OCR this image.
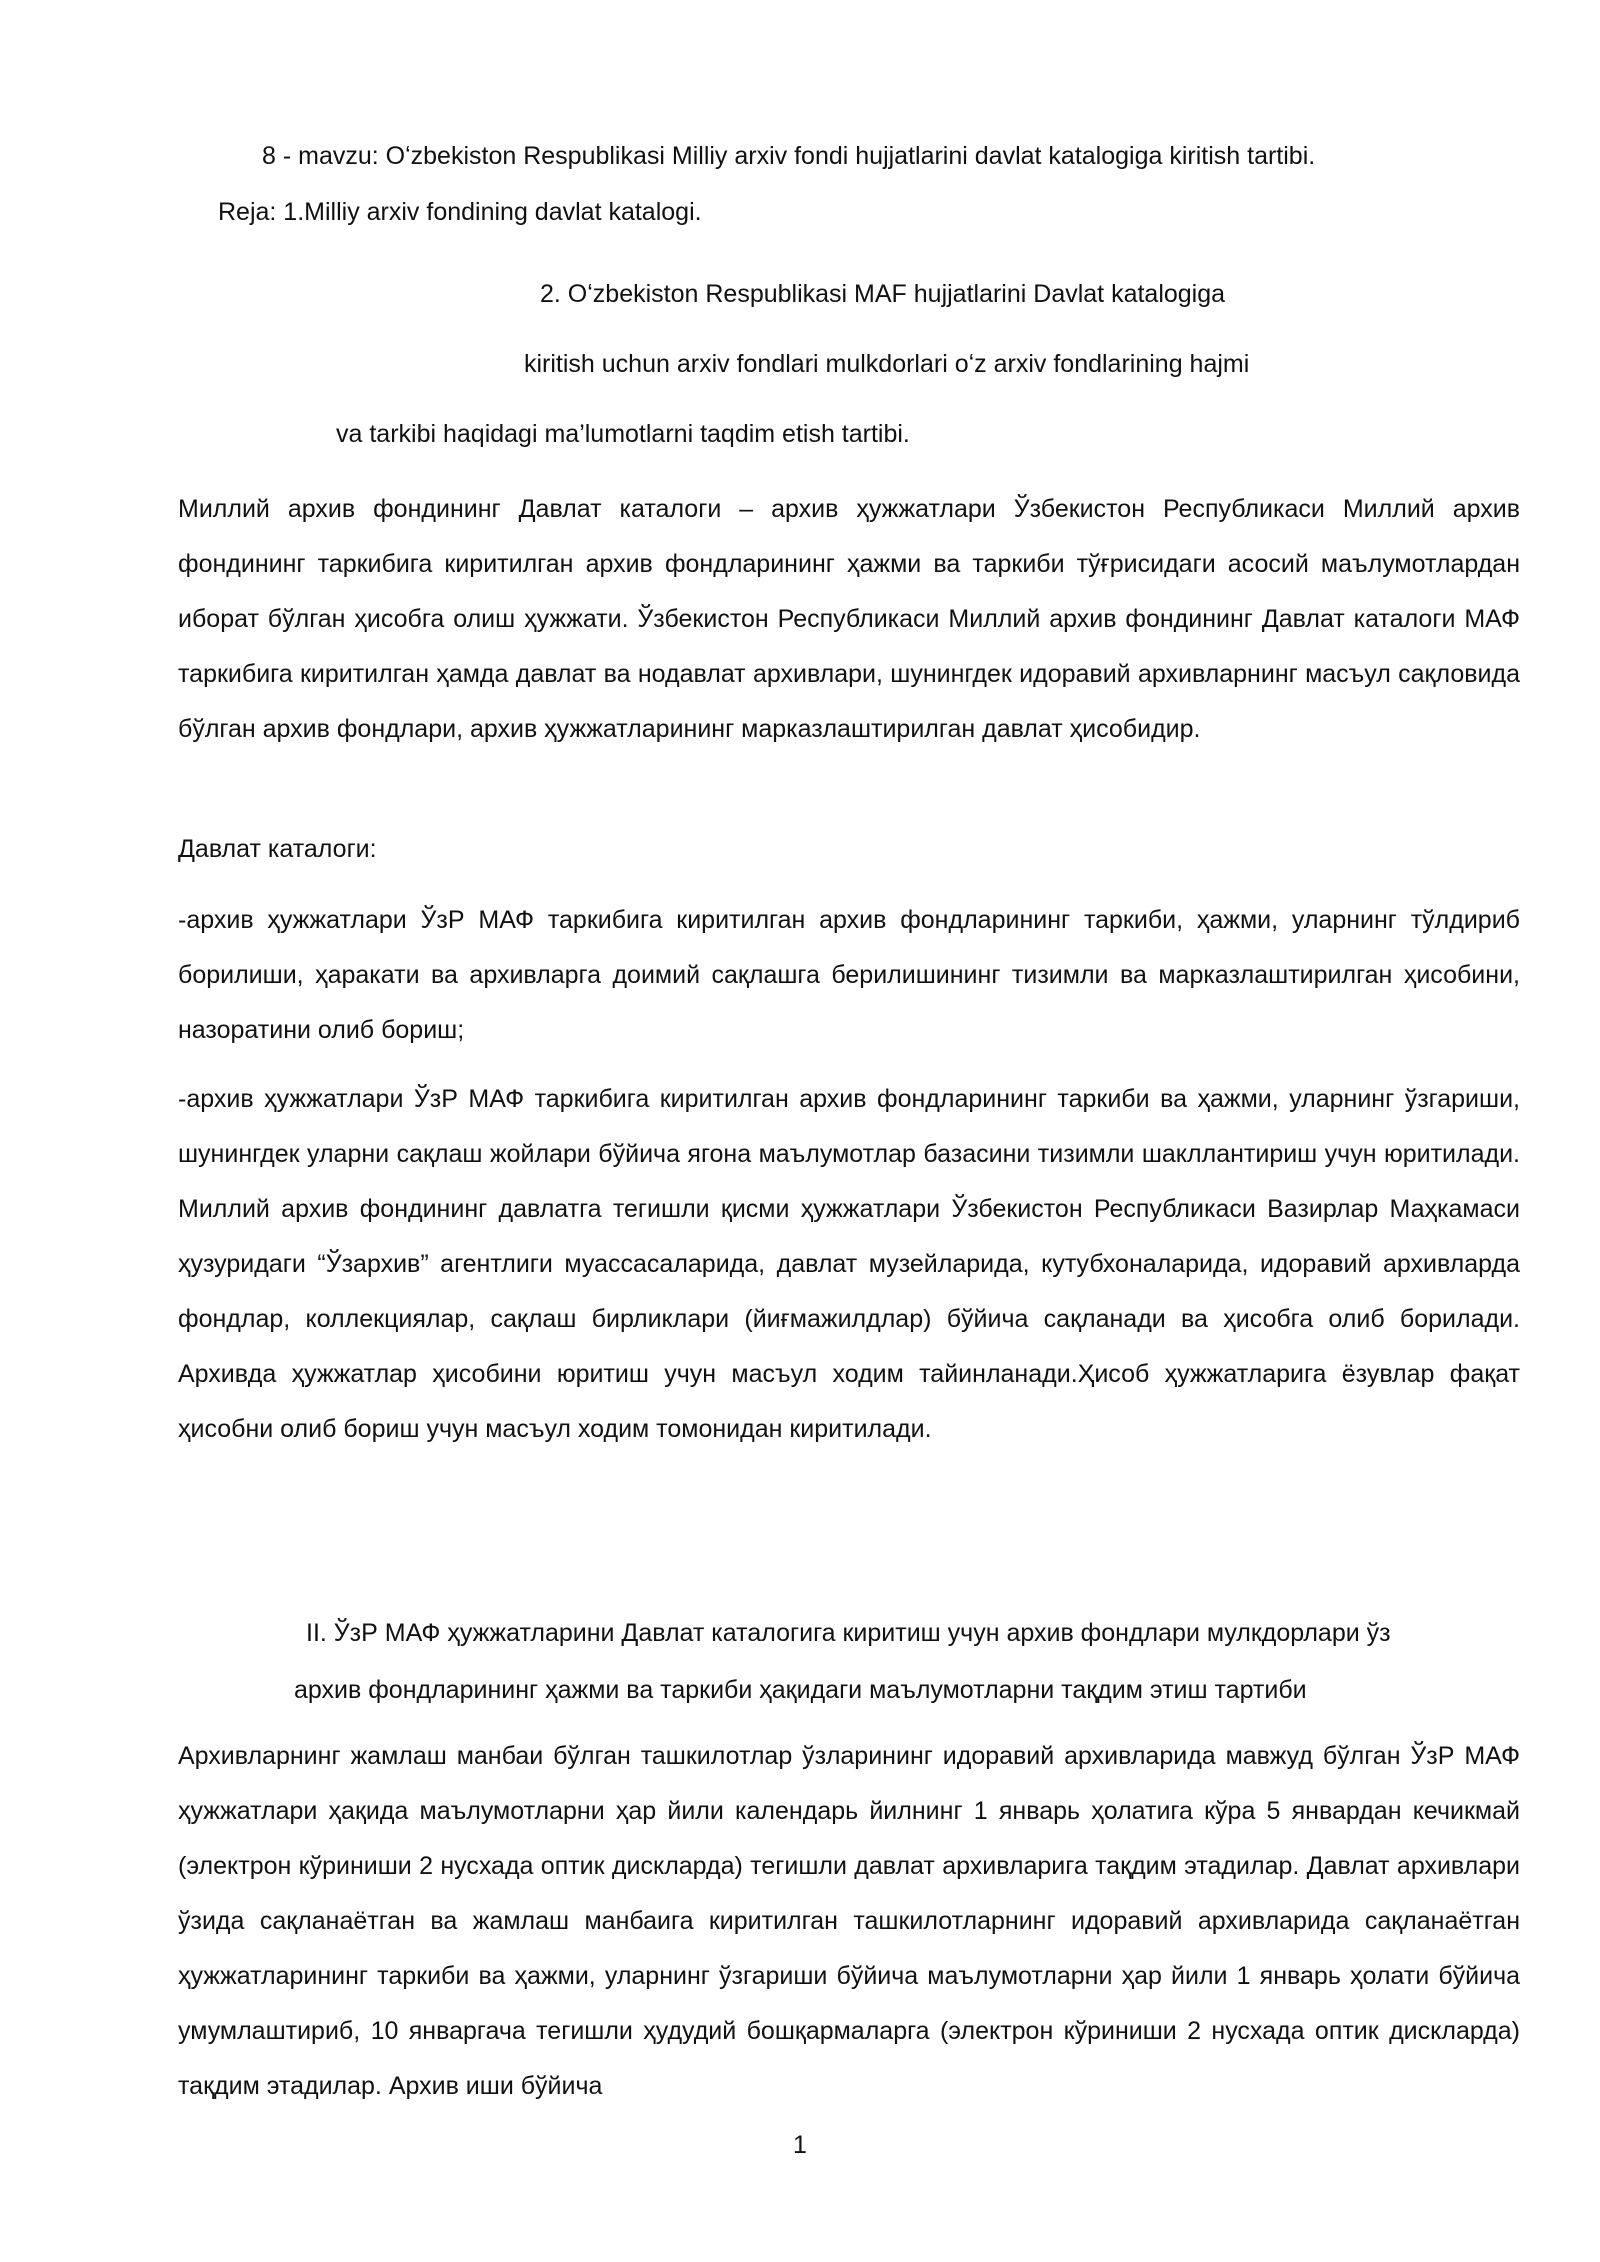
8 - mavzu: Oʻzbekiston Respublikasi Milliy arxiv fondi hujjatlarini davlat katalogiga kiritish tartibi.
Reja: 1.Milliy arxiv fondining davlat katalogi.
2. Oʻzbekiston Respublikasi MAF hujjatlarini Davlat katalogiga
kiritish uchun arxiv fondlari mulkdorlari oʻz arxiv fondlarining hajmi
va tarkibi haqidagi ma’lumotlarni taqdim etish tartibi.

Миллий архив фондининг Давлат каталоги – архив ҳужжатлари Ўзбекистон Республикаси Миллий архив фондининг таркибига киритилган архив фондларининг ҳажми ва таркиби тўғрисидаги асосий маълумотлардан иборат бўлган ҳисобга олиш ҳужжати. Ўзбекистон Республикаси Миллий архив фондининг Давлат каталоги МАФ таркибига киритилган ҳамда давлат ва нодавлат архивлари, шунингдек идоравий архивларнинг масъул сақловида бўлган архив фондлари, архив ҳужжатларининг марказлаштирилган давлат ҳисобидир.

Давлат каталоги:

-архив ҳужжатлари ЎзР МАФ таркибига киритилган архив фондларининг таркиби, ҳажми, уларнинг тўлдириб борилиши, ҳаракати ва архивларга доимий сақлашга берилишининг тизимли ва марказлаштирилган ҳисобини, назоратини олиб бориш;

-архив ҳужжатлари ЎзР МАФ таркибига киритилган архив фондларининг таркиби ва ҳажми, уларнинг ўзгариши, шунингдек уларни сақлаш жойлари бўйича ягона маълумотлар базасини тизимли шакллантириш учун юритилади. Миллий архив фондининг давлатга тегишли қисми ҳужжатлари Ўзбекистон Республикаси Вазирлар Маҳкамаси ҳузуридаги “Ўзархив” агентлиги муассасаларида, давлат музейларида, кутубхоналарида, идоравий архивларда фондлар, коллекциялар, сақлаш бирликлари (йиғмажилдлар) бўйича сақланади ва ҳисобга олиб борилади. Архивда ҳужжатлар ҳисобини юритиш учун масъул ходим тайинланади.Ҳисоб ҳужжатларига ёзувлар фақат ҳисобни олиб бориш учун масъул ходим томонидан киритилади.

II. ЎзР МАФ ҳужжатларини Давлат каталогига киритиш учун архив фондлари мулкдорлари ўз
архив фондларининг ҳажми ва таркиби ҳақидаги маълумотларни тақдим этиш тартиби

Архивларнинг жамлаш манбаи бўлган ташкилотлар ўзларининг идоравий архивларида мавжуд бўлган ЎзР МАФ ҳужжатлари ҳақида маълумотларни ҳар йили календарь йилнинг 1 январь ҳолатига кўра 5 январдан кечикмай (электрон кўриниши 2 нусхада оптик дискларда) тегишли давлат архивларига тақдим этадилар. Давлат архивлари ўзида сақланаётган ва жамлаш манбаига киритилган ташкилотларнинг идоравий архивларида сақланаётган ҳужжатларининг таркиби ва ҳажми, уларнинг ўзгариши бўйича маълумотларни ҳар йили 1 январь ҳолати бўйича умумлаштириб, 10 январгача тегишли ҳудудий бошқармаларга (электрон кўриниши 2 нусхада оптик дискларда) тақдим этадилар. Архив иши бўйича

1
